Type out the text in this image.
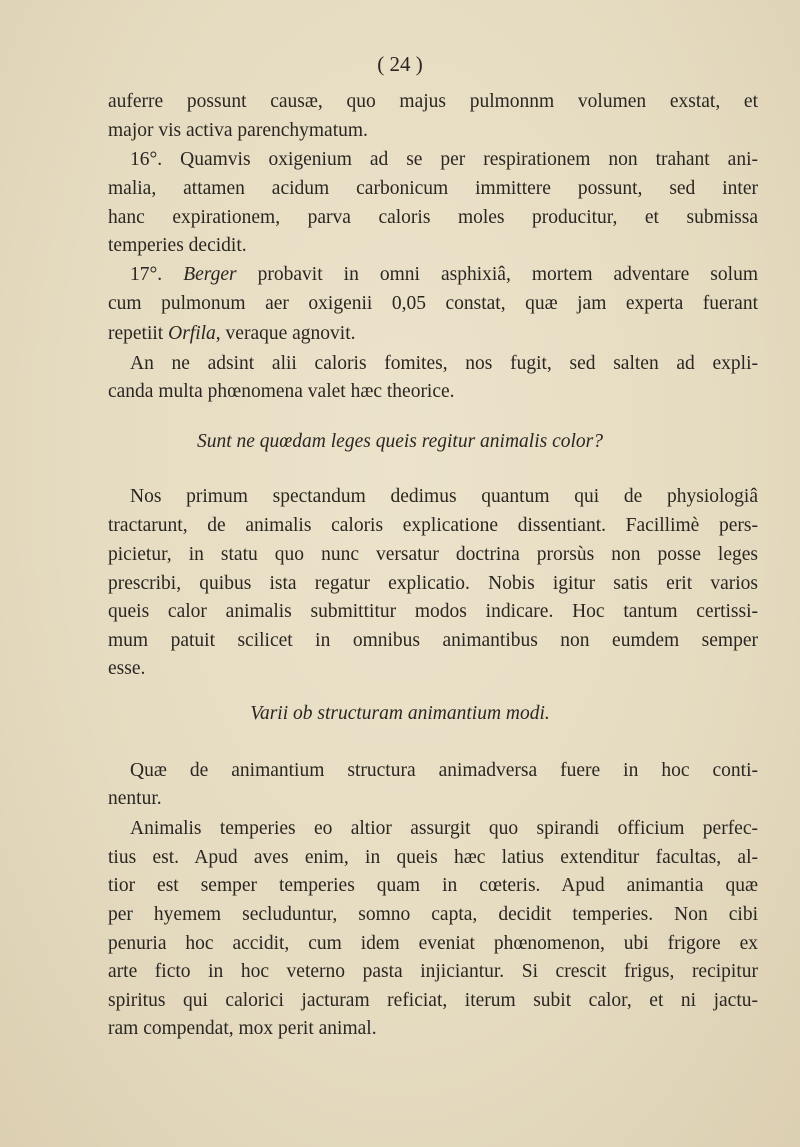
( 24 )
auferre possunt causæ, quo majus pulmonnm volumen exstat, et
major vis activa parenchymatum.
16°. Quamvis oxigenium ad se per respirationem non trahant ani-
malia, attamen acidum carbonicum immittere possunt, sed inter
hanc expirationem, parva caloris moles producitur, et submissa
temperies decidit.
17°. Berger probavit in omni asphixiâ, mortem adventare solum
cum pulmonum aer oxigenii 0,05 constat, quæ jam experta fuerant
repetiit Orfila, veraque agnovit.
An ne adsint alii caloris fomites, nos fugit, sed salten ad expli-
canda multa phœnomena valet hæc theorice.
Sunt ne quœdam leges queis regitur animalis color?
Nos primum spectandum dedimus quantum qui de physiologiâ
tractarunt, de animalis caloris explicatione dissentiant. Facillimè pers-
picietur, in statu quo nunc versatur doctrina prorsùs non posse leges
prescribi, quibus ista regatur explicatio. Nobis igitur satis erit varios
queis calor animalis submittitur modos indicare. Hoc tantum certissi-
mum patuit scilicet in omnibus animantibus non eumdem semper
esse.
Varii ob structuram animantium modi.
Quæ de animantium structura animadversa fuere in hoc conti-
nentur.
Animalis temperies eo altior assurgit quo spirandi officium perfec-
tius est. Apud aves enim, in queis hæc latius extenditur facultas, al-
tior est semper temperies quam in cœteris. Apud animantia quæ
per hyemem secluduntur, somno capta, decidit temperies. Non cibi
penuria hoc accidit, cum idem eveniat phœnomenon, ubi frigore ex
arte ficto in hoc veterno pasta injiciantur. Si crescit frigus, recipitur
spiritus qui calorici jacturam reficiat, iterum subit calor, et ni jactu-
ram compendat, mox perit animal.
